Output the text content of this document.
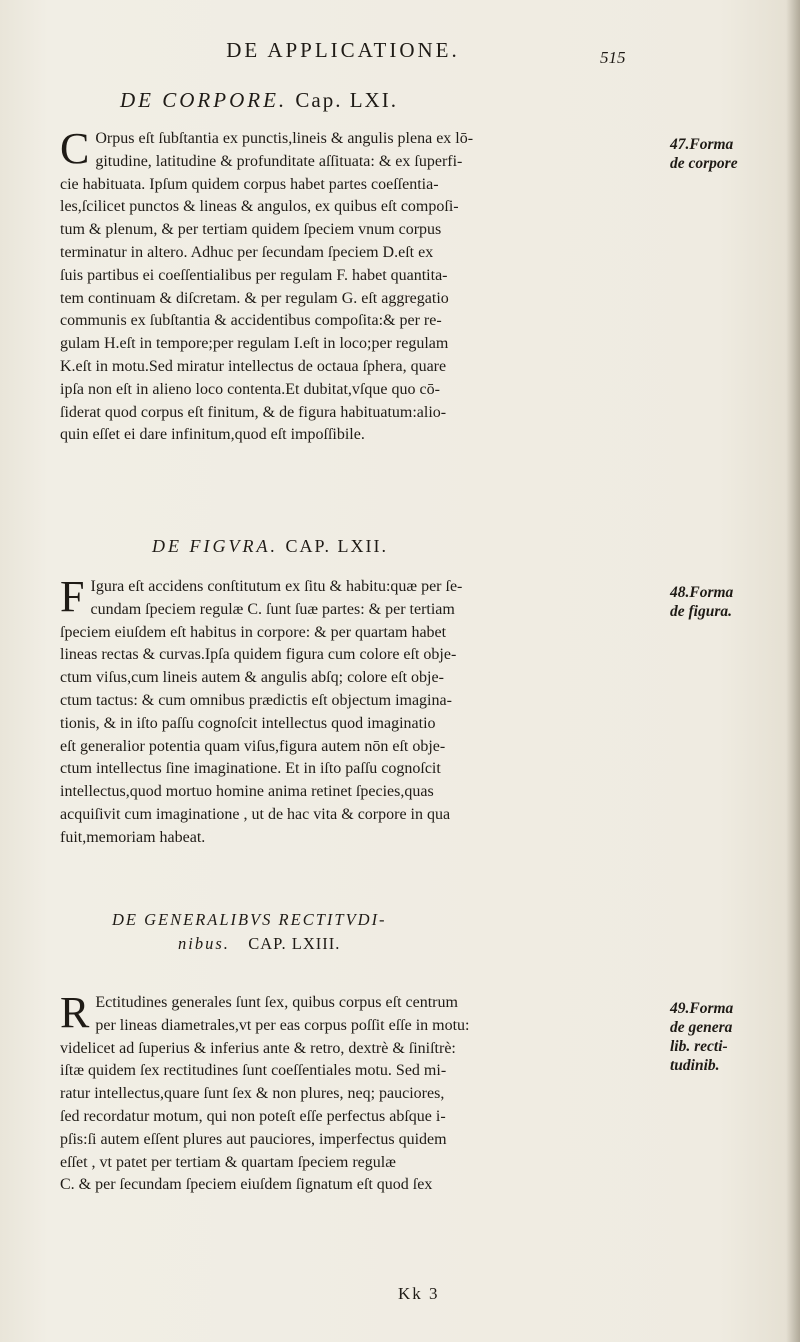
DE APPLICATIONE.	515
DE CORPORE. Cap. LXI.
C Orpus eſt ſubſtantia ex punctis,lineis & angulis plena ex lō-
gitudine, latitudine & profunditate aſſituata: & ex ſuperfi-
cie habituata. Ipſum quidem corpus habet partes coeſſentia-
les,ſcilicet punctos & lineas & angulos, ex quibus eſt compoſi-
tum & plenum, & per tertiam quidem ſpeciem vnum corpus
terminatur in altero. Adhuc per ſecundam ſpeciem D.eſt ex
ſuis partibus ei coeſſentialibus per regulam F. habet quantita-
tem continuam & diſcretam. & per regulam G. eſt aggregatio
communis ex ſubſtantia & accidentibus compoſita:& per re-
gulam H.eſt in tempore;per regulam I.eſt in loco;per regulam
K.eſt in motu.Sed miratur intellectus de octaua ſphera, quare
ipſa non eſt in alieno loco contenta.Et dubitat,vſque quo cō-
ſiderat quod corpus eſt finitum, & de figura habituatum:alio-
quin eſſet ei dare infinitum,quod eſt impoſſibile.
47.Forma
de corpore
DE FIGVRA. CAP. LXII.
F Igura eſt accidens conſtitutum ex ſitu & habitu:quæ per ſe-
cundam ſpeciem regulæ C. ſunt ſuæ partes: & per tertiam
ſpeciem eiuſdem eſt habitus in corpore: & per quartam habet
lineas rectas & curvas.Ipſa quidem figura cum colore eſt obje-
ctum viſus,cum lineis autem & angulis abſq; colore eſt obje-
ctum tactus: & cum omnibus prædictis eſt objectum imagina-
tionis, & in iſto paſſu cognoſcit intellectus quod imaginatio
eſt generalior potentia quam viſus,figura autem nōn eſt obje-
ctum intellectus ſine imaginatione. Et in iſto paſſu cognoſcit
intellectus,quod mortuo homine anima retinet ſpecies,quas
acquiſivit cum imaginatione , ut de hac vita & corpore in qua
fuit,memoriam habeat.
48.Forma
de figura.
DE GENERALIBVS RECTITVDI-
nibus. CAP. LXIII.
R Ectitudines generales ſunt ſex, quibus corpus eſt centrum
per lineas diametrales,vt per eas corpus poſſit eſſe in motu:
videlicet ad ſuperius & inferius ante & retro, dextrè & ſiniſtrè:
iſtæ quidem ſex rectitudines ſunt coeſſentiales motu. Sed mi-
ratur intellectus,quare ſunt ſex & non plures, neq; pauciores,
ſed recordatur motum, qui non poteſt eſſe perfectus abſque i-
pſis:ſi autem eſſent plures aut pauciores, imperfectus quidem
eſſet , vt patet per tertiam & quartam ſpeciem regulæ
C. & per ſecundam ſpeciem eiuſdem ſignatum eſt quod ſex
49.Forma
de genera
lib. recti-
tudinib.
Kk 3
